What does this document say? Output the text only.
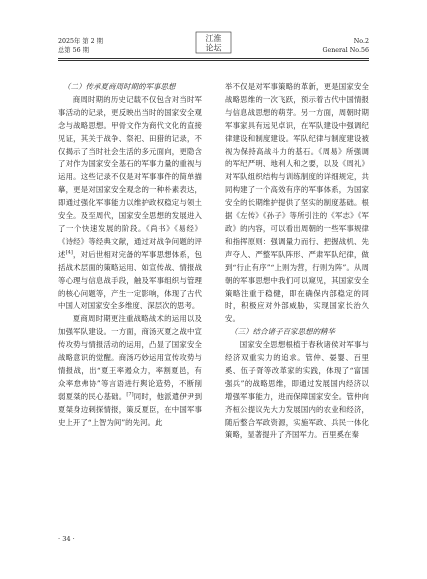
2025年 第 2 期
总第 56 期
江淮
论坛
No.2
General No.56
（二）传承夏商周时期的军事思想

商周时期的历史记载不仅包含对当时军事活动的记录，更反映出当时的国家安全观念与战略思想。甲骨文作为商代文化的直接见证，其关于战争、祭祀、田猎的记录，不仅揭示了当时社会生活的多元面向，更隐含了对作为国家安全基石的军事力量的重视与运用。这些记录不仅是对军事事件的简单描摹，更是对国家安全观念的一种朴素表达，即通过强化军事能力以维护政权稳定与领土安全。及至周代，国家安全思想的发展进入了一个快速发展的阶段。《尚书》《易经》《诗经》等经典文献，通过对战争问题的评述[4]，对后世相对完备的军事思想体系，包括战术层面的策略运用、如宣传战、情报战等心理与信息战手段，触及军事组织与管理的核心问题等，产生一定影响，体现了古代中国人对国家安全多维度、深层次的思考。

夏商周时期更注重战略战术的运用以及加强军队建设。一方面，商汤灭夏之战中宣传攻势与情报活动的运用，凸显了国家安全战略意识的觉醒。商汤巧妙运用宣传攻势与情报战，出“夏王率遏众力，率割夏邑，有众率怠弗协”等言语进行舆论造势，不断削弱夏桀的民心基础。[7]同时，他派遣伊尹到夏桀身边刺探情报，策反夏臣，在中国军事史上开了“上智为间”的先河。此

举不仅是对军事策略的革新，更是国家安全战略思维的一次飞跃，预示着古代中国情报与信息战思想的萌芽。另一方面，周朝时期军事家具有远见卓识，在军队建设中强调纪律建设和制度建设。军队纪律与制度建设被视为保持高战斗力的基石。《周易》所强调的军纪严明、地利人和之要，以及《周礼》对军队组织结构与训练制度的详细规定，共同构建了一个高效有序的军事体系，为国家安全的长期维护提供了坚实的制度基础。根据《左传》《孙子》等所引注的《军志》《军政》的内容，可以看出周朝的一些军事规律和指挥原则：强调量力而行、把握战机、先声夺人、严整军队阵形、严肃军队纪律，做到“行止有序”“上则为营，行则为阵”。从周朝的军事思想中我们可以窥见，其国家安全策略注重于稳健，即在确保内部稳定的同时，积极应对外部威胁，实现国家长治久安。

（三）结合诸子百家思想的精华

国家安全思想根植于春秋诸侯对军事与经济双重实力的追求。管仲、晏婴、百里奚、伍子胥等改革家的实践，体现了“富国强兵”的战略思维，即通过发展国内经济以增强军事能力，进而保障国家安全。管仲向齐桓公提议先大力发展国内的农业和经济，随后整合军政资源，实施军政、兵民一体化策略，显著提升了齐国军力。百里奚在秦

· 34 ·
